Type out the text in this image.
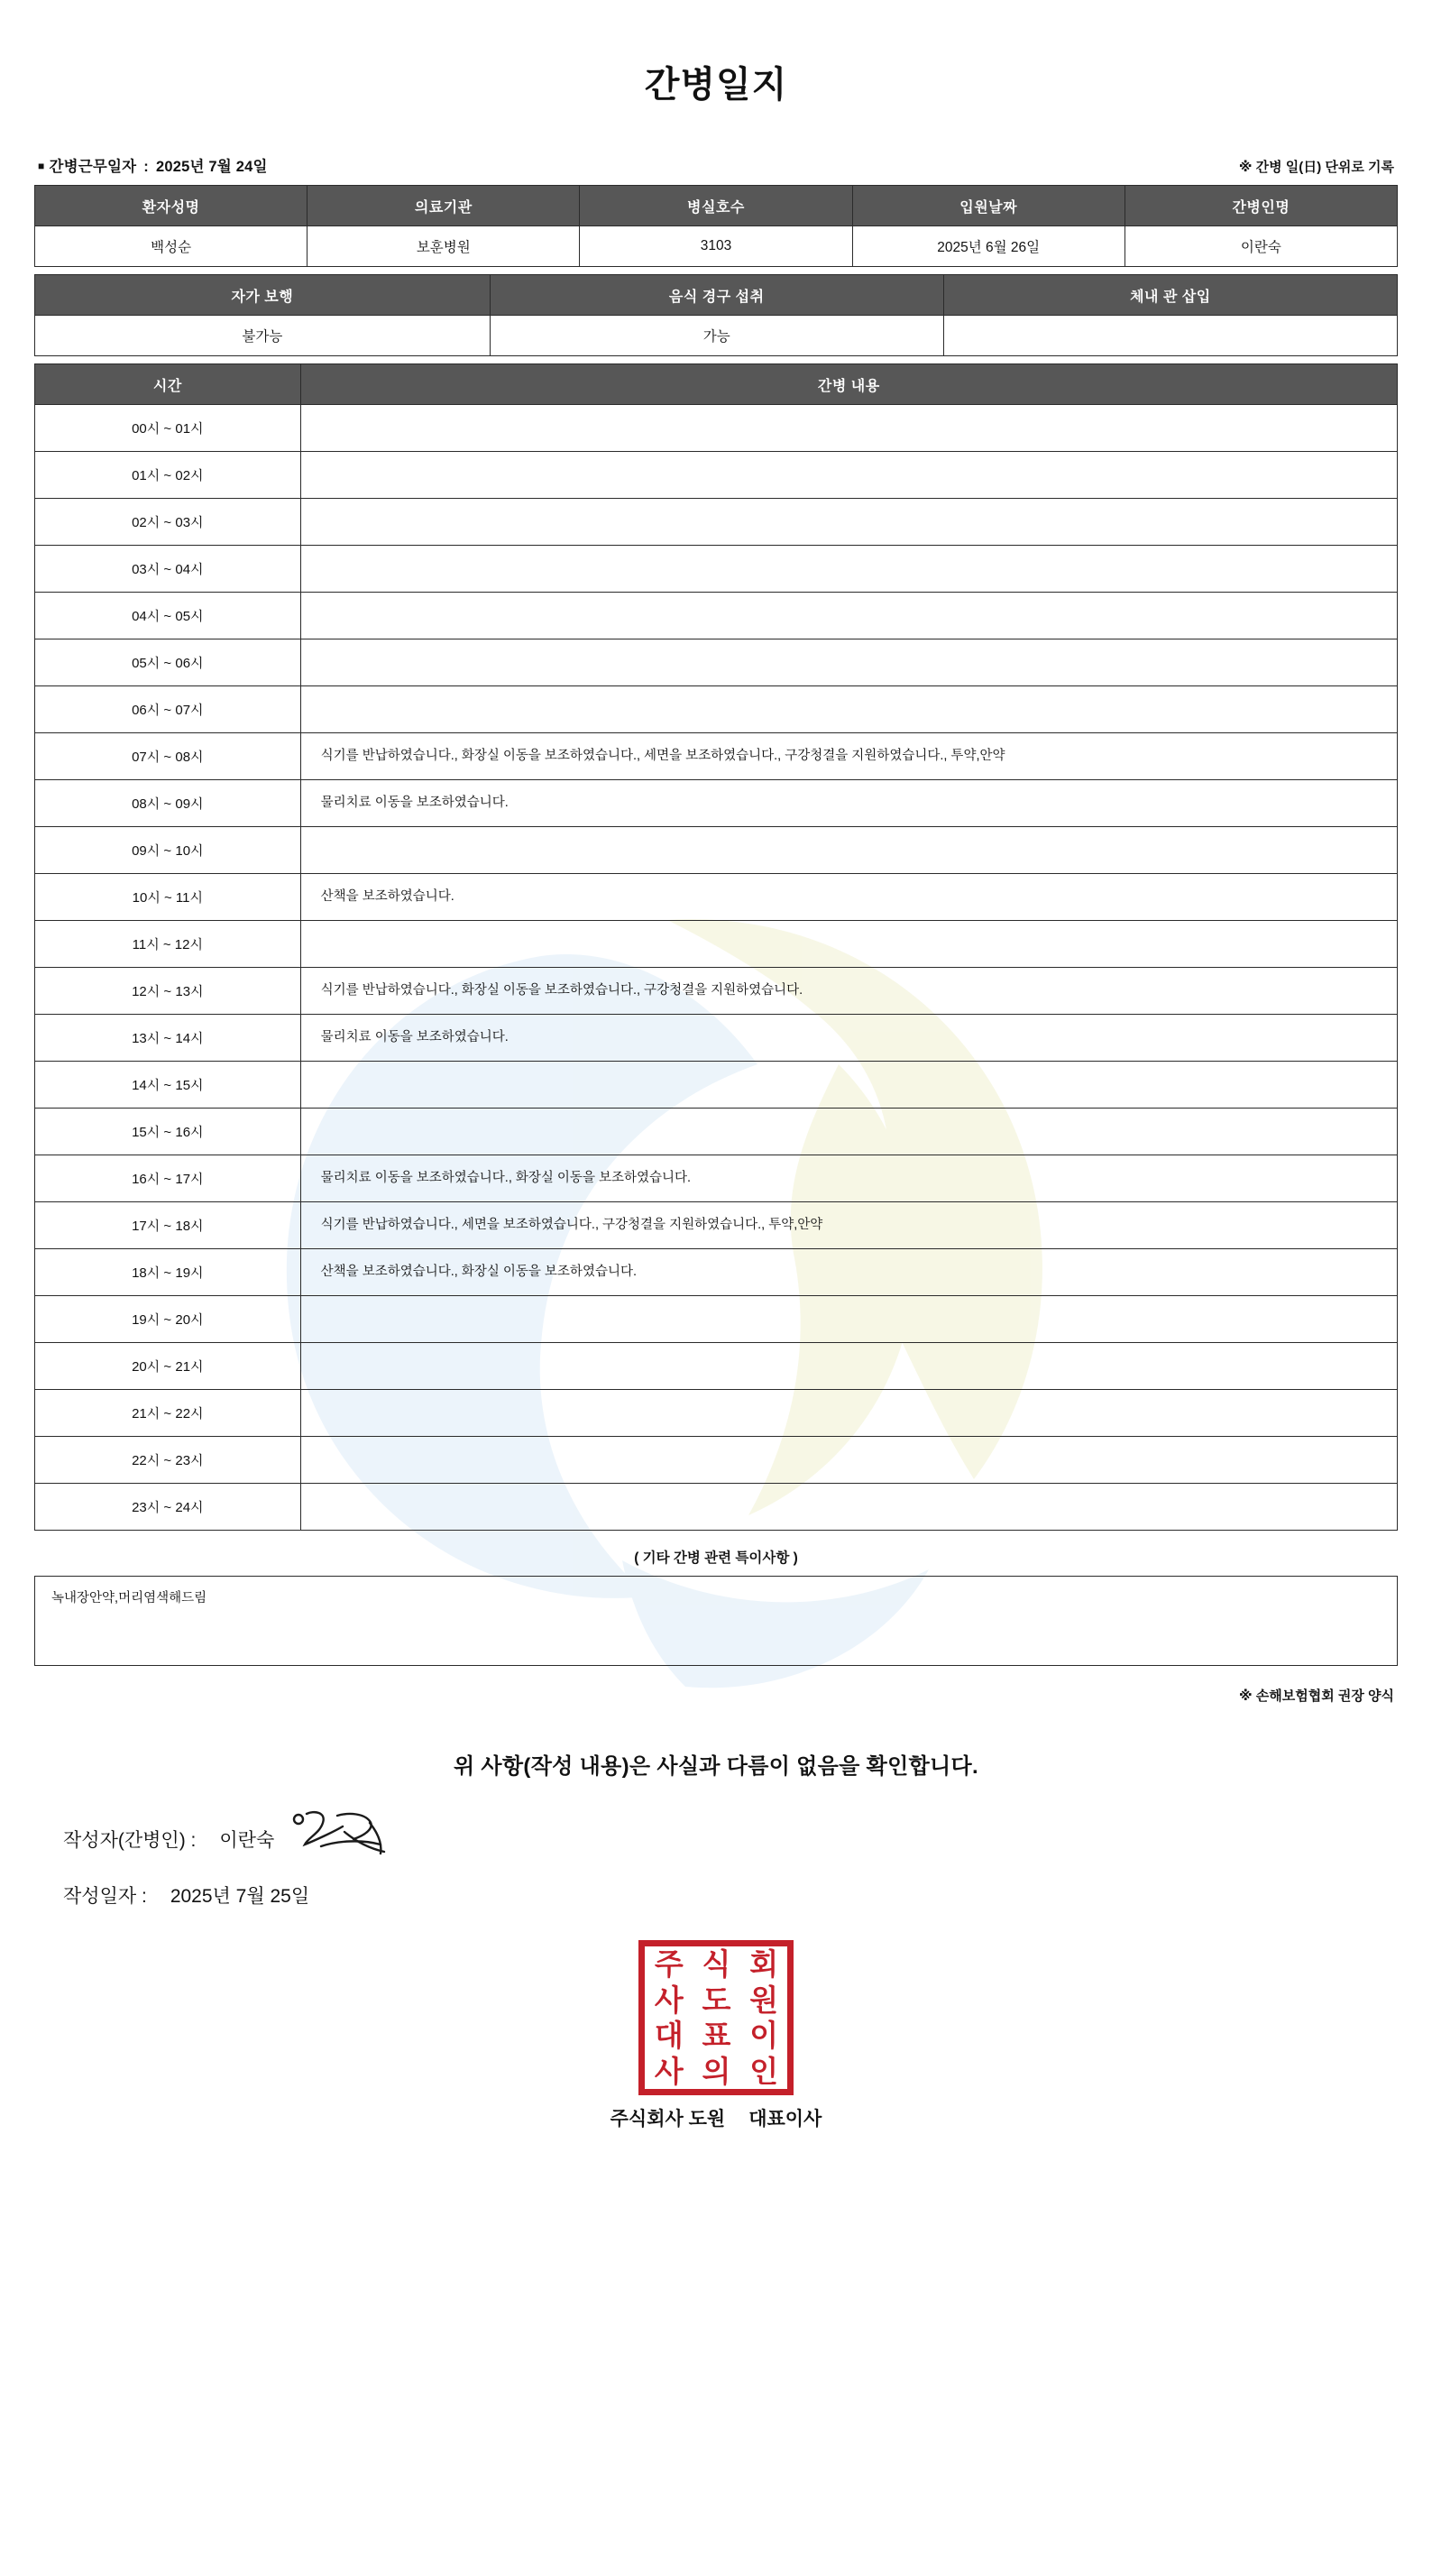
간병일지
■ 간병근무일자 : 2025년 7월 24일	※ 간병 일(日) 단위로 기록
환자성명	의료기관	병실호수	입원날짜	간병인명
백성순	보훈병원	3103	2025년 6월 26일	이란숙
자가 보행	음식 경구 섭취	체내 관 삽입
불가능	가능	
시간	간병 내용
00시 ~ 01시	
01시 ~ 02시	
02시 ~ 03시	
03시 ~ 04시	
04시 ~ 05시	
05시 ~ 06시	
06시 ~ 07시	
07시 ~ 08시	식기를 반납하였습니다., 화장실 이동을 보조하였습니다., 세면을 보조하였습니다., 구강청결을 지원하였습니다., 투약,안약
08시 ~ 09시	물리치료 이동을 보조하였습니다.
09시 ~ 10시	
10시 ~ 11시	산책을 보조하였습니다.
11시 ~ 12시	
12시 ~ 13시	식기를 반납하였습니다., 화장실 이동을 보조하였습니다., 구강청결을 지원하였습니다.
13시 ~ 14시	물리치료 이동을 보조하였습니다.
14시 ~ 15시	
15시 ~ 16시	
16시 ~ 17시	물리치료 이동을 보조하였습니다., 화장실 이동을 보조하였습니다.
17시 ~ 18시	식기를 반납하였습니다., 세면을 보조하였습니다., 구강청결을 지원하였습니다., 투약,안약
18시 ~ 19시	산책을 보조하였습니다., 화장실 이동을 보조하였습니다.
19시 ~ 20시	
20시 ~ 21시	
21시 ~ 22시	
22시 ~ 23시	
23시 ~ 24시	
( 기타 간병 관련 특이사항 )
녹내장안약,머리염색해드림
※ 손해보험협회 권장 양식
위 사항(작성 내용)은 사실과 다름이 없음을 확인합니다.
작성자(간병인) : 이란숙
작성일자 : 2025년 7월 25일
주 식 회
사 도 원
대 표 이
사 의 인
주식회사 도원 대표이사
